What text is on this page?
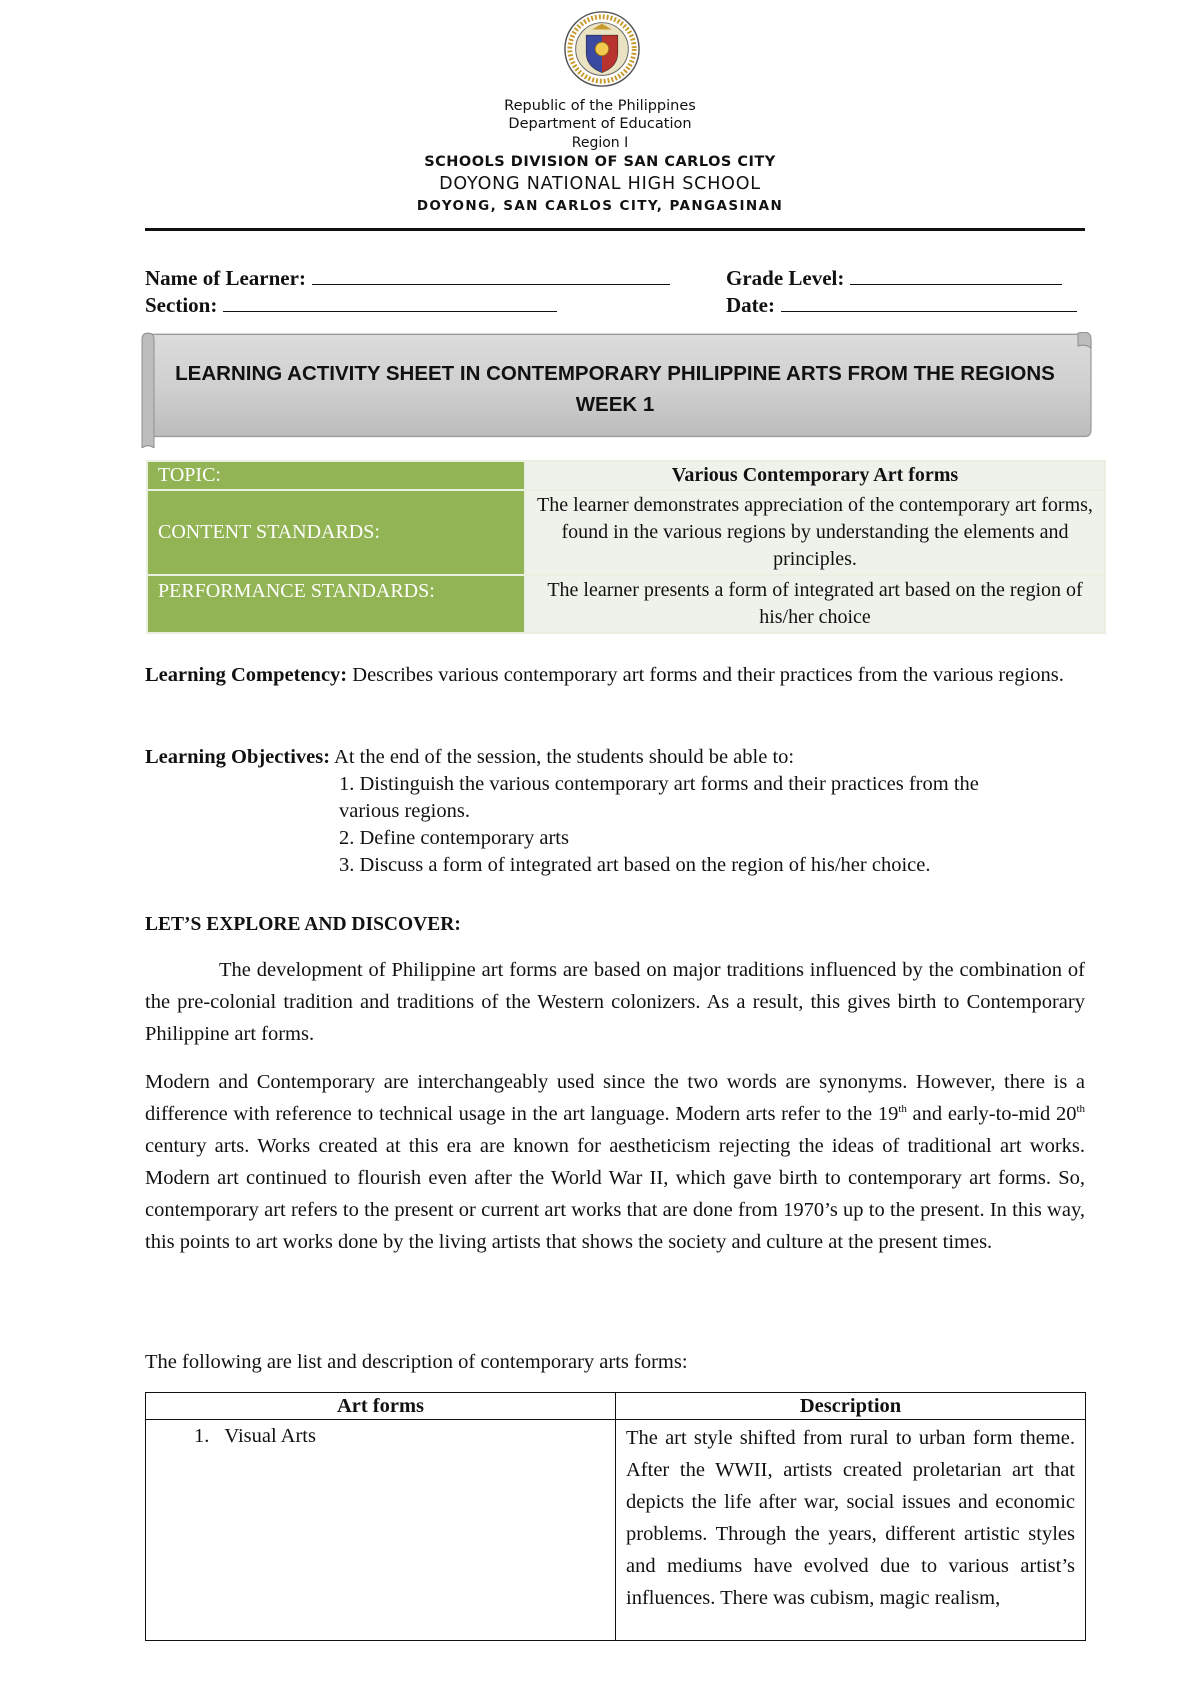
Republic of the Philippines
Department of Education
Region I
SCHOOLS DIVISION OF SAN CARLOS CITY
DOYONG NATIONAL HIGH SCHOOL
DOYONG, SAN CARLOS CITY, PANGASINAN
Name of Learner:	Grade Level:
Section:	Date:
LEARNING ACTIVITY SHEET IN CONTEMPORARY PHILIPPINE ARTS FROM THE REGIONS
WEEK 1
TOPIC:	Various Contemporary Art forms
CONTENT STANDARDS:	The learner demonstrates appreciation of the contemporary art forms, found in the various regions by understanding the elements and principles.
PERFORMANCE STANDARDS:	The learner presents a form of integrated art based on the region of his/her choice
Learning Competency: Describes various contemporary art forms and their practices from the various regions.
Learning Objectives: At the end of the session, the students should be able to:
1. Distinguish the various contemporary art forms and their practices from the various regions.
2. Define contemporary arts
3. Discuss a form of integrated art based on the region of his/her choice.
LET’S EXPLORE AND DISCOVER:
The development of Philippine art forms are based on major traditions influenced by the combination of the pre-colonial tradition and traditions of the Western colonizers. As a result, this gives birth to Contemporary Philippine art forms.
Modern and Contemporary are interchangeably used since the two words are synonyms. However, there is a difference with reference to technical usage in the art language. Modern arts refer to the 19th and early-to-mid 20th century arts. Works created at this era are known for aestheticism rejecting the ideas of traditional art works. Modern art continued to flourish even after the World War II, which gave birth to contemporary art forms. So, contemporary art refers to the present or current art works that are done from 1970’s up to the present. In this way, this points to art works done by the living artists that shows the society and culture at the present times.
The following are list and description of contemporary arts forms:
Art forms	Description
1.   Visual Arts	The art style shifted from rural to urban form theme. After the WWII, artists created proletarian art that depicts the life after war, social issues and economic problems. Through the years, different artistic styles and mediums have evolved due to various artist’s influences. There was cubism, magic realism,
